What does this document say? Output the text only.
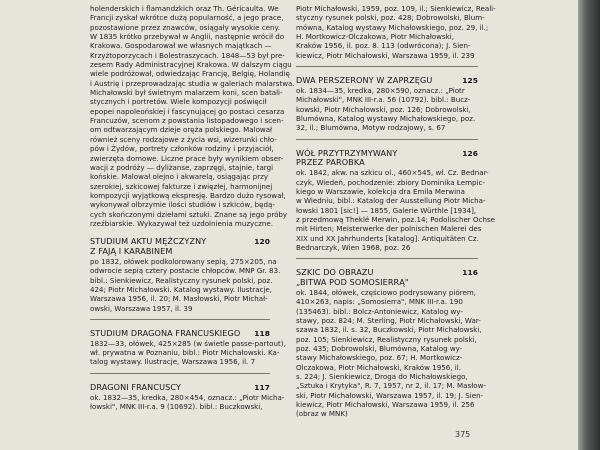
holenderskich i flamandzkich oraz Th. Géricaulta. We
Francji zyskał wkrótce dużą popularność, a jego prace,
pozostawione przez znawców, osiągały wysokie ceny.
W 1835 krótko przebywał w Anglii, następnie wrócił do
Krakowa. Gospodarował we własnych majątkach —
Krzyżtoporzycach i Bolestraszycach. 1848—53 był pre-
zesem Rady Administracyjnej Krakowa. W dalszym ciągu
wiele podróżował, odwiedzając Francję, Belgię, Holandię
i Austrię i przeprowadzając studia w galeriach malarstwa.
Michałowski był świetnym malarzem koni, scen batali-
stycznych i portretów. Wiele kompozycji poświęcił
epopei napoleońskiej i fascynującej go postaci cesarza
Francuzów, scenom z powstania listopadowego i scen-
om odtwarzającym dzieje oręża polskiego. Malował
również sceny rodzajowe z życia wsi, wizerunki chło-
pów i Żydów, portrety członków rodziny i przyjaciół,
zwierzęta domowe. Liczne prace były wynikiem obser-
wacji z podróży — dyliżanse, zaprzęgi, stajnie, targi
końskie. Malował olejno i akwarelą, osiągając przy
szerokiej, szkicowej fakturze i zwięzłej, harmonijnej
kompozycji wyjątkową ekspresję. Bardzo dużo rysował,
wykonywał olbrzymie ilości studiów i szkiców, będą-
cych skończonymi dziełami sztuki. Znane są jego próby
rzeźbiarskie. Wykazywał też uzdolnienia muzyczne.

STUDIUM AKTU MĘŻCZYZNY
Z FAJĄ I KARABINEM
120

po 1832, ołówek podkolorowany sepią, 275×205, na
odwrocie sepią cztery postacie chłopców. MNP Gr. 83.
bibl.: Sienkiewicz, Realistyczny rysunek polski, poz.
424; Piotr Michałowski. Katalog wystawy. Ilustracje,
Warszawa 1956, il. 20; M. Masłowski, Piotr Michał-
owski, Warszawa 1957, il. 39

STUDIUM DRAGONA FRANCUSKIEGO	118

1832—33, ołówek, 425×285 (w świetle passe-partout),
wł. prywatna w Poznaniu, bibl.: Piotr Michałowski. Ka-
talog wystawy. Ilustracje, Warszawa 1956, il. 7

DRAGONI FRANCUSCY	117

ok. 1832—35, kredka, 280×454, oznacz.: „Piotr Micha-
łowski", MNK III-r.a. 9 (10692). bibl.: Buczkowski,

Piotr Michałowski, 1959, poz. 109, il.; Sienkiewicz, Reali-
styczny rysunek polski, poz. 428; Dobrowolski, Blum-
mówna, Katalog wystawy Michałowskiego, poz. 29, il.;
H. Mortkowicz-Olczakowa, Piotr Michałowski,
Kraków 1956, il. poz. 8. 113 (odwrócona); J. Sien-
kiewicz, Piotr Michałowski, Warszawa 1959, il. 239

DWA PERSZERONY W ZAPRZĘGU	125

ok. 1834—35, kredka, 280×590, oznacz.: „Piotr
Michałowski", MNK III-r.a. 56 (10792). bibl.: Bucz-
kowski, Piotr Michałowski, poz. 126; Dobrowolski,
Blumówna, Katalog wystawy Michałowskiego, poz.
32, il.; Blumówna, Motyw rodzajowy, s. 67

WÓŁ PRZYTRZYMYWANY
PRZEZ PAROBKA
126

ok. 1842, akw. na szkicu ol., 460×545, wł. Cz. Bednar-
czyk, Wiedeń, pochodzenie: zbiory Dominika Łempic-
kiego w Warszawie, kolekcja dra Emila Merwina
w Wiedniu, bibl.: Katalog der Ausstellung Piotr Micha-
łowski 1801 [sic!] — 1855, Galerie Würthle [1934],
z przedmową Theklé Merwin, poz.14; Podolischer Ochse
mit Hirten; Meisterwerke der polnischen Malerei des
XIX und XX Jahrhunderts [katalog]. Antiquitäten Cz.
Bednarczyk, Wien 1968, poz. 26

SZKIC DO OBRAZU
„BITWA POD SOMOSIERRĄ"
116

ok. 1844, ołówek, częściowo podrysowany piórem,
410×263, napis: „Somosierra", MNK III-r.a. 190
(135463). bibl.: Bolcz-Antoniewicz, Katalog wy-
stawy, poz. 824; M. Sterling, Piotr Michałowski, War-
szawa 1832, il. s. 32, Buczkowski, Piotr Michałowski,
poz. 105; Sienkiewicz, Realistyczny rysunek polski,
poz. 435; Dobrowolski, Blumówna, Katalog wy-
stawy Michałowskiego, poz. 67; H. Mortkowicz-
Olczakowa, Piotr Michałowski, Kraków 1956, il.
s. 224; J. Sienkiewicz, Droga do Michałowskiego,
„Sztuka i Krytyka", R. 7, 1957, nr 2, il. 17; M. Masłow-
ski, Piotr Michałowski, Warszawa 1957, il. 19; J. Sien-
kiewicz, Piotr Michałowski, Warszawa 1959, il. 256
(obraz w MNK)

375
